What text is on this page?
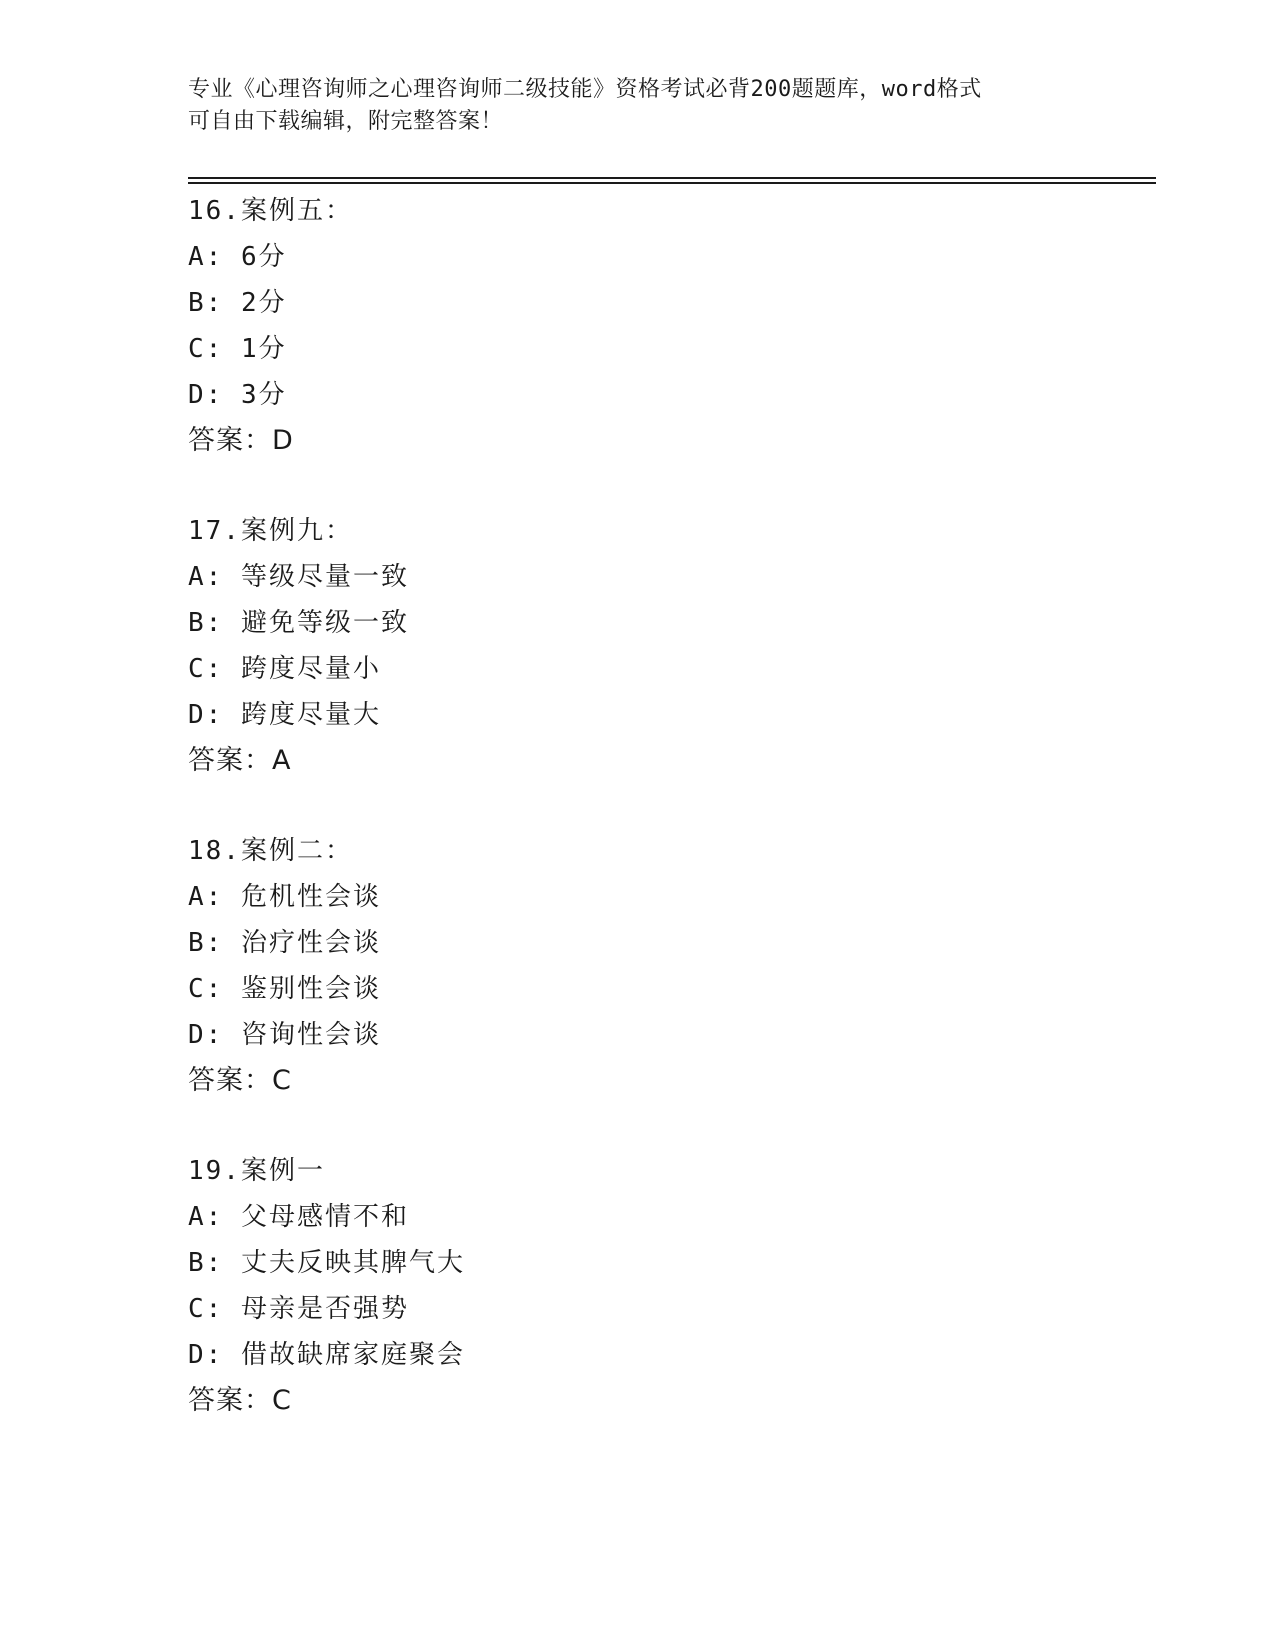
专业《心理咨询师之心理咨询师二级技能》资格考试必背200题题库，word格式
可自由下载编辑，附完整答案！
16.案例五：
A: 6分
B: 2分
C: 1分
D: 3分
答案：D
17.案例九：
A: 等级尽量一致
B: 避免等级一致
C: 跨度尽量小
D: 跨度尽量大
答案：A
18.案例二：
A: 危机性会谈
B: 治疗性会谈
C: 鉴别性会谈
D: 咨询性会谈
答案：C
19.案例一
A: 父母感情不和
B: 丈夫反映其脾气大
C: 母亲是否强势
D: 借故缺席家庭聚会
答案：C
